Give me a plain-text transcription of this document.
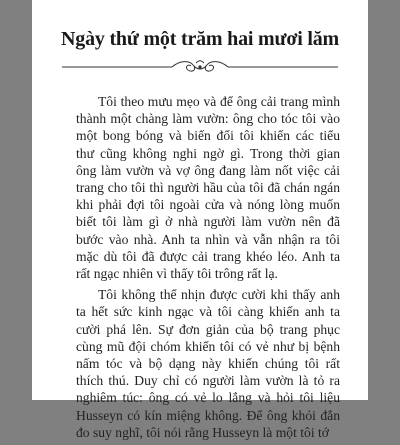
Ngày thứ một trăm hai mươi lăm

Tôi theo mưu mẹo và để ông cải trang mình thành một chàng làm vườn: ông cho tóc tôi vào một bong bóng và biến đổi tôi khiến các tiểu thư cũng không nghi ngờ gì. Trong thời gian ông làm vườn và vợ ông đang làm nốt việc cải trang cho tôi thì người hầu của tôi đã chán ngán khi phải đợi tôi ngoài cửa và nóng lòng muốn biết tôi làm gì ở nhà người làm vườn nên đã bước vào nhà. Anh ta nhìn và vẫn nhận ra tôi mặc dù tôi đã được cải trang khéo léo. Anh ta rất ngạc nhiên vì thấy tôi trông rất lạ.

Tôi không thể nhịn được cười khi thấy anh ta hết sức kinh ngạc và tôi càng khiến anh ta cười phá lên. Sự đơn giản của bộ trang phục cùng mũ đội chóm khiến tôi có vẻ như bị bệnh nấm tóc và bộ dạng này khiến chúng tôi rất thích thú. Duy chỉ có người làm vườn là tỏ ra nghiêm túc: ông có vẻ lo lắng và hỏi tôi liệu Husseyn có kín miệng không. Để ông khỏi đắn đo suy nghĩ, tôi nói rằng Husseyn là một tôi tớ
